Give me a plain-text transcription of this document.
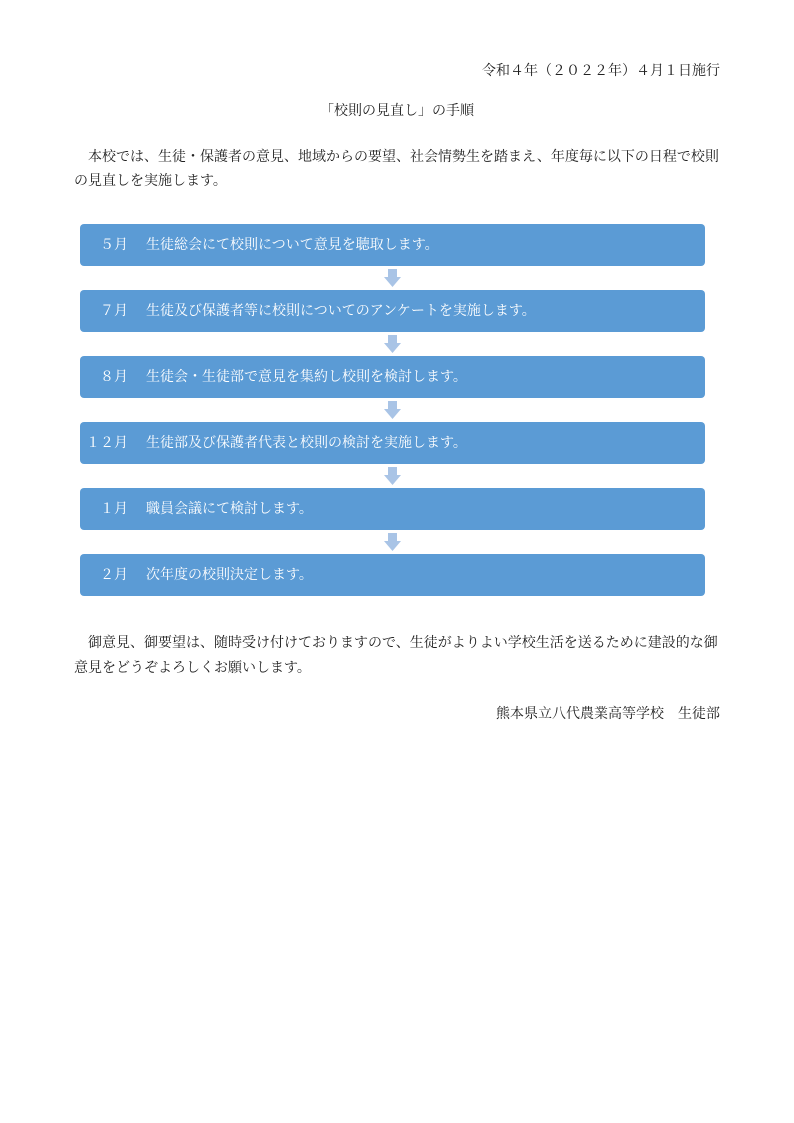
令和４年（２０２２年）４月１日施行
「校則の見直し」の手順
　本校では、生徒・保護者の意見、地域からの要望、社会情勢生を踏まえ、年度毎に以下の日程で校則の見直しを実施します。
５月 生徒総会にて校則について意見を聴取します。
７月 生徒及び保護者等に校則についてのアンケートを実施します。
８月 生徒会・生徒部で意見を集約し校則を検討します。
１２月 生徒部及び保護者代表と校則の検討を実施します。
１月 職員会議にて検討します。
２月 次年度の校則決定します。
　御意見、御要望は、随時受け付けておりますので、生徒がよりよい学校生活を送るために建設的な御意見をどうぞよろしくお願いします。
熊本県立八代農業高等学校　生徒部
